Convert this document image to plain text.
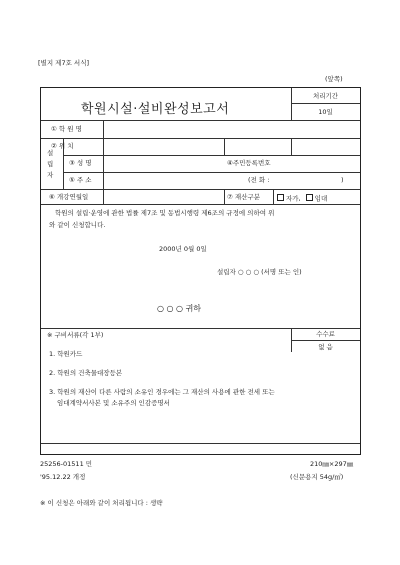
[별지 제7호 서식]
(앞쪽)
학원시설·설비완성보고서
처리기간
10일
① 학 원 명
② 위 치
설립자
③ 성 명	④주민등록번호
⑤ 주 소	(전 화 :	)
⑥ 개강연월일	⑦ 재산구분	자가, 임대
학원의 설립·운영에 관한 법률 제7조 및 동법시행령 제6조의 규정에 의하여 위
와 같이 신청합니다.
2000년 0월 0일
설립자 ○ ○ ○ (서명 또는 인)
○ ○ ○ 귀하
※ 구비서류(각 1부)	수수료
없 음
1. 학원카드
2. 학원의 건축물대장등본
3. 학원의 재산이 다른 사람의 소유인 경우에는 그 재산의 사용에 관한 전세 또는
임대계약서사본 및 소유주의 인감증명서
25256-01511 민	210㎜×297㎜
'95.12.22 개정	(신문용지 54g/㎡)
※ 이 신청은 아래와 같이 처리됩니다 : 생략
